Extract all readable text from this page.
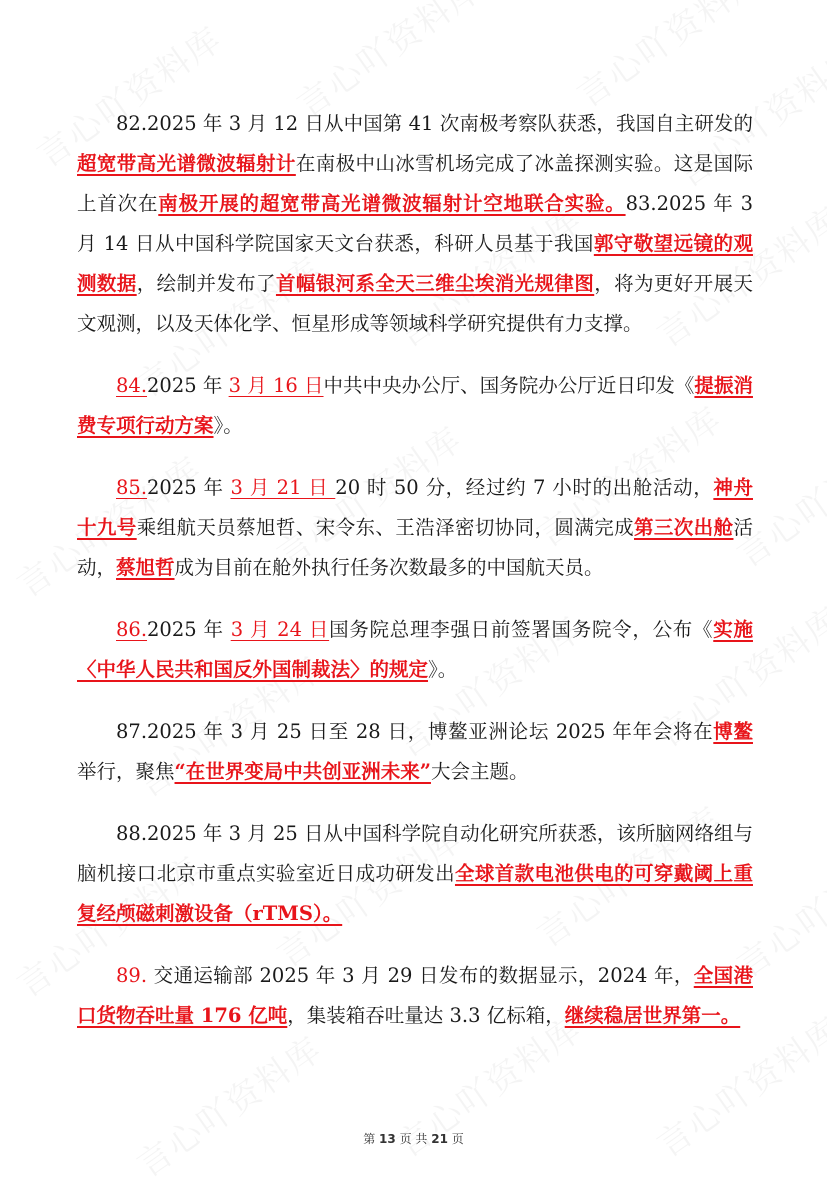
82.2025 年 3 月 12 日从中国第 41 次南极考察队获悉，我国自主研发的超宽带高光谱微波辐射计在南极中山冰雪机场完成了冰盖探测实验。这是国际上首次在南极开展的超宽带高光谱微波辐射计空地联合实验。83.2025 年 3 月 14 日从中国科学院国家天文台获悉，科研人员基于我国郭守敬望远镜的观测数据，绘制并发布了首幅银河系全天三维尘埃消光规律图，将为更好开展天文观测，以及天体化学、恒星形成等领域科学研究提供有力支撑。

84.2025 年 3 月 16 日中共中央办公厅、国务院办公厅近日印发《提振消费专项行动方案》。

85.2025 年 3 月 21 日 20 时 50 分，经过约 7 小时的出舱活动，神舟十九号乘组航天员蔡旭哲、宋令东、王浩泽密切协同，圆满完成第三次出舱活动，蔡旭哲成为目前在舱外执行任务次数最多的中国航天员。

86.2025 年 3 月 24 日国务院总理李强日前签署国务院令，公布《实施〈中华人民共和国反外国制裁法〉的规定》。

87.2025 年 3 月 25 日至 28 日，博鳌亚洲论坛 2025 年年会将在博鳌举行，聚焦“在世界变局中共创亚洲未来”大会主题。

88.2025 年 3 月 25 日从中国科学院自动化研究所获悉，该所脑网络组与脑机接口北京市重点实验室近日成功研发出全球首款电池供电的可穿戴阈上重复经颅磁刺激设备（rTMS）。

89. 交通运输部 2025 年 3 月 29 日发布的数据显示，2024 年，全国港口货物吞吐量 176 亿吨，集装箱吞吐量达 3.3 亿标箱，继续稳居世界第一。

第 13 页 共 21 页
